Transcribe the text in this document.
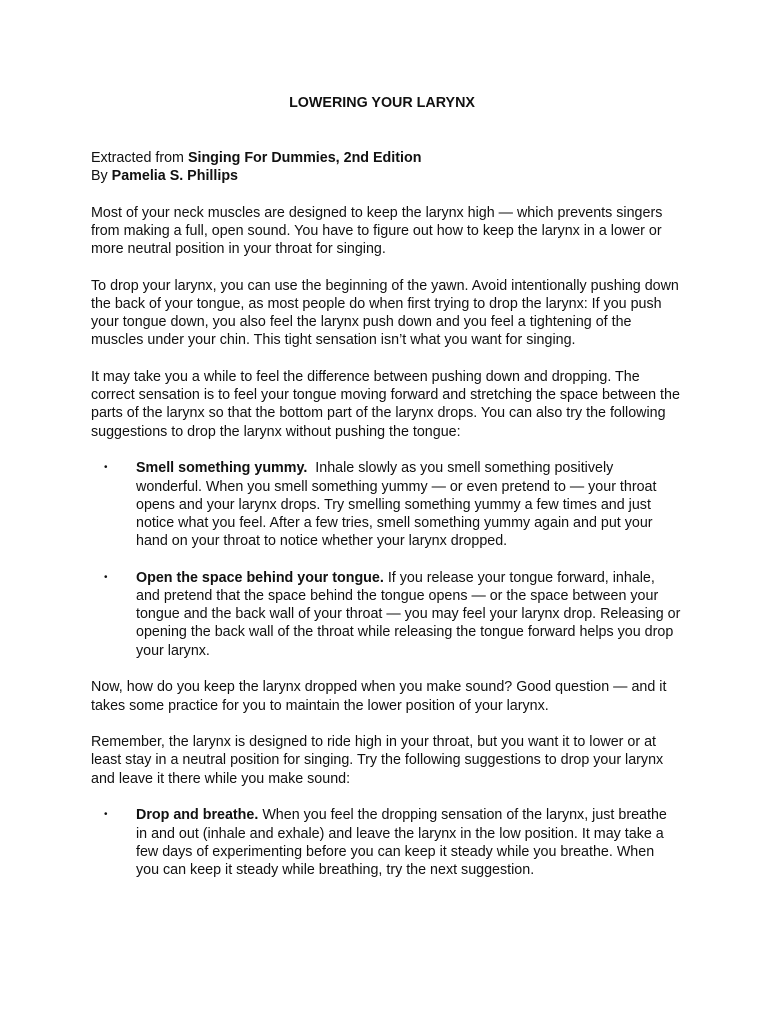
LOWERING YOUR LARYNX

Extracted from Singing For Dummies, 2nd Edition

By Pamelia S. Phillips

Most of your neck muscles are designed to keep the larynx high — which prevents singers from making a full, open sound. You have to figure out how to keep the larynx in a lower or more neutral position in your throat for singing.

To drop your larynx, you can use the beginning of the yawn. Avoid intentionally pushing down the back of your tongue, as most people do when first trying to drop the larynx: If you push your tongue down, you also feel the larynx push down and you feel a tightening of the muscles under your chin. This tight sensation isn’t what you want for singing.

It may take you a while to feel the difference between pushing down and dropping. The correct sensation is to feel your tongue moving forward and stretching the space between the parts of the larynx so that the bottom part of the larynx drops. You can also try the following suggestions to drop the larynx without pushing the tongue:

• Smell something yummy.  Inhale slowly as you smell something positively wonderful. When you smell something yummy — or even pretend to — your throat opens and your larynx drops. Try smelling something yummy a few times and just notice what you feel. After a few tries, smell something yummy again and put your hand on your throat to notice whether your larynx dropped.
• Open the space behind your tongue. If you release your tongue forward, inhale, and pretend that the space behind the tongue opens — or the space between your tongue and the back wall of your throat — you may feel your larynx drop. Releasing or opening the back wall of the throat while releasing the tongue forward helps you drop your larynx.

Now, how do you keep the larynx dropped when you make sound? Good question — and it takes some practice for you to maintain the lower position of your larynx.

Remember, the larynx is designed to ride high in your throat, but you want it to lower or at least stay in a neutral position for singing. Try the following suggestions to drop your larynx and leave it there while you make sound:

• Drop and breathe. When you feel the dropping sensation of the larynx, just breathe in and out (inhale and exhale) and leave the larynx in the low position. It may take a few days of experimenting before you can keep it steady while you breathe. When you can keep it steady while breathing, try the next suggestion.
